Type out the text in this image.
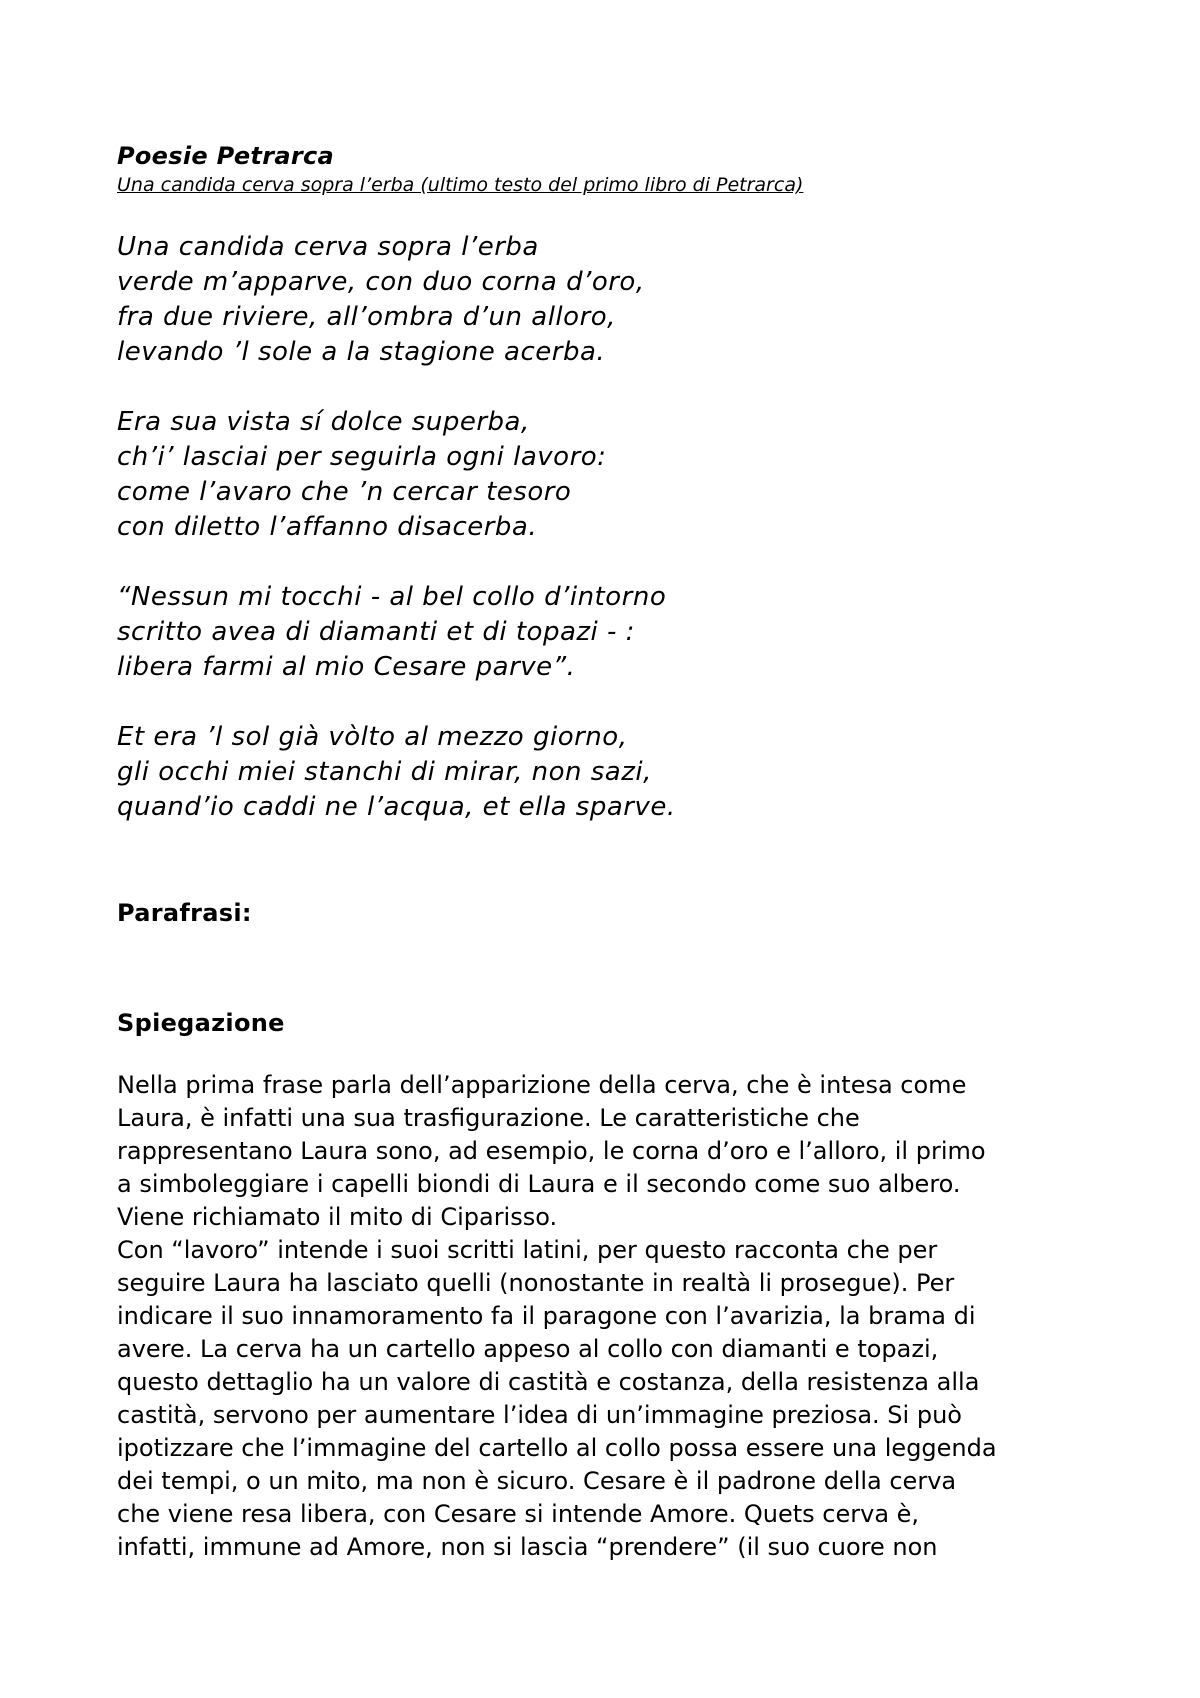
Poesie Petrarca

Una candida cerva sopra l’erba (ultimo testo del primo libro di Petrarca)

Una candida cerva sopra l’erba
verde m’apparve, con duo corna d’oro,
fra due riviere, all’ombra d’un alloro,
levando ’l sole a la stagione acerba.
Era sua vista sí dolce superba,
ch’i’ lasciai per seguirla ogni lavoro:
come l’avaro che ’n cercar tesoro
con diletto l’affanno disacerba.
“Nessun mi tocchi - al bel collo d’intorno
scritto avea di diamanti et di topazi - :
libera farmi al mio Cesare parve”.
Et era ’l sol già vòlto al mezzo giorno,
gli occhi miei stanchi di mirar, non sazi,
quand’io caddi ne l’acqua, et ella sparve.
Parafrasi:
Spiegazione
Nella prima frase parla dell’apparizione della cerva, che è intesa come
Laura, è infatti una sua trasfigurazione. Le caratteristiche che
rappresentano Laura sono, ad esempio, le corna d’oro e l’alloro, il primo
a simboleggiare i capelli biondi di Laura e il secondo come suo albero.
Viene richiamato il mito di Ciparisso.
Con “lavoro” intende i suoi scritti latini, per questo racconta che per
seguire Laura ha lasciato quelli (nonostante in realtà li prosegue). Per
indicare il suo innamoramento fa il paragone con l’avarizia, la brama di
avere. La cerva ha un cartello appeso al collo con diamanti e topazi,
questo dettaglio ha un valore di castità e costanza, della resistenza alla
castità, servono per aumentare l’idea di un’immagine preziosa. Si può
ipotizzare che l’immagine del cartello al collo possa essere una leggenda
dei tempi, o un mito, ma non è sicuro. Cesare è il padrone della cerva
che viene resa libera, con Cesare si intende Amore. Quets cerva è,
infatti, immune ad Amore, non si lascia “prendere” (il suo cuore non
